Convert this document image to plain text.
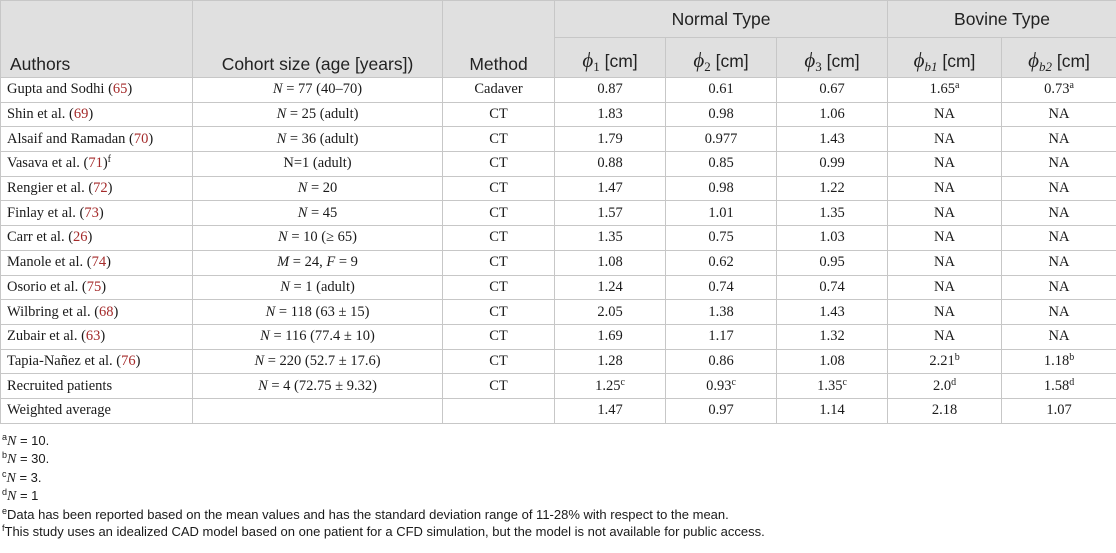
Authors	Cohort size (age [years])	Method	Normal Type			Bovine Type	
			$\phi_1$ [cm]	$\phi_2$ [cm]	$\phi_3$ [cm]	$\phi_{b1}$ [cm]	$\phi_{b2}$ [cm]
Gupta and Sodhi (65)	N = 77 (40–70)	Cadaver	0.87	0.61	0.67	1.65$^a$	0.73$^a$
Shin et al. (69)	N = 25 (adult)	CT	1.83	0.98	1.06	NA	NA
Alsaif and Ramadan (70)	N = 36 (adult)	CT	1.79	0.977	1.43	NA	NA
Vasava et al. $(71)^f$	N=1 (adult)	CT	0.88	0.85	0.99	NA	NA
Rengier et al. (72)	N = 20	CT	1.47	0.98	1.22	NA	NA
Finlay et al. (73)	N = 45	CT	1.57	1.01	1.35	NA	NA
Carr et al. (26)	N = 10 (≥ 65)	CT	1.35	0.75	1.03	NA	NA
Manole et al. (74)	M = 24, F = 9	CT	1.08	0.62	0.95	NA	NA
Osorio et al. (75)	N = 1 (adult)	CT	1.24	0.74	0.74	NA	NA
Wilbring et al. (68)	N = 118 (63 ± 15)	CT	2.05	1.38	1.43	NA	NA
Zubair et al. (63)	N = 116 (77.4 ± 10)	CT	1.69	1.17	1.32	NA	NA
Tapia-Nañez et al. (76)	N = 220 (52.7 ± 17.6)	CT	1.28	0.86	1.08	2.21$^b$	1.18$^b$
Recruited patients	N = 4 (72.75 ± 9.32)	CT	1.25$^c$	0.93$^c$	1.35$^c$	2.0$^d$	1.58$^d$
Weighted average			1.47	0.97	1.14	2.18	1.07
$^a$N = 10.
$^b$N = 30.
$^c$N = 3.
$^d$N = 1
$^e$Data has been reported based on the mean values and has the standard deviation range of 11-28% with respect to the mean.
$^f$This study uses an idealized CAD model based on one patient for a CFD simulation, but the model is not available for public access.
